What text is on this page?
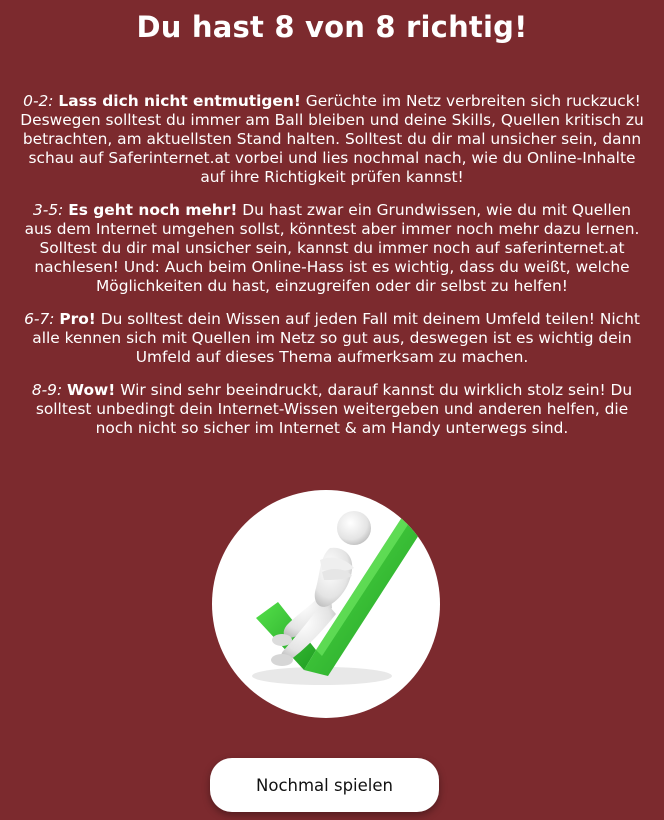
Du hast 8 von 8 richtig!

0-2: Lass dich nicht entmutigen! Gerüchte im Netz verbreiten sich ruckzuck! Deswegen solltest du immer am Ball bleiben und deine Skills, Quellen kritisch zu betrachten, am aktuellsten Stand halten. Solltest du dir mal unsicher sein, dann schau auf Saferinternet.at vorbei und lies nochmal nach, wie du Online-Inhalte auf ihre Richtigkeit prüfen kannst!

3-5: Es geht noch mehr! Du hast zwar ein Grundwissen, wie du mit Quellen aus dem Internet umgehen sollst, könntest aber immer noch mehr dazu lernen. Solltest du dir mal unsicher sein, kannst du immer noch auf saferinternet.at nachlesen! Und: Auch beim Online-Hass ist es wichtig, dass du weißt, welche Möglichkeiten du hast, einzugreifen oder dir selbst zu helfen!

6-7: Pro! Du solltest dein Wissen auf jeden Fall mit deinem Umfeld teilen! Nicht alle kennen sich mit Quellen im Netz so gut aus, deswegen ist es wichtig dein Umfeld auf dieses Thema aufmerksam zu machen.

8-9: Wow! Wir sind sehr beeindruckt, darauf kannst du wirklich stolz sein! Du solltest unbedingt dein Internet-Wissen weitergeben und anderen helfen, die noch nicht so sicher im Internet & am Handy unterwegs sind.

Nochmal spielen
